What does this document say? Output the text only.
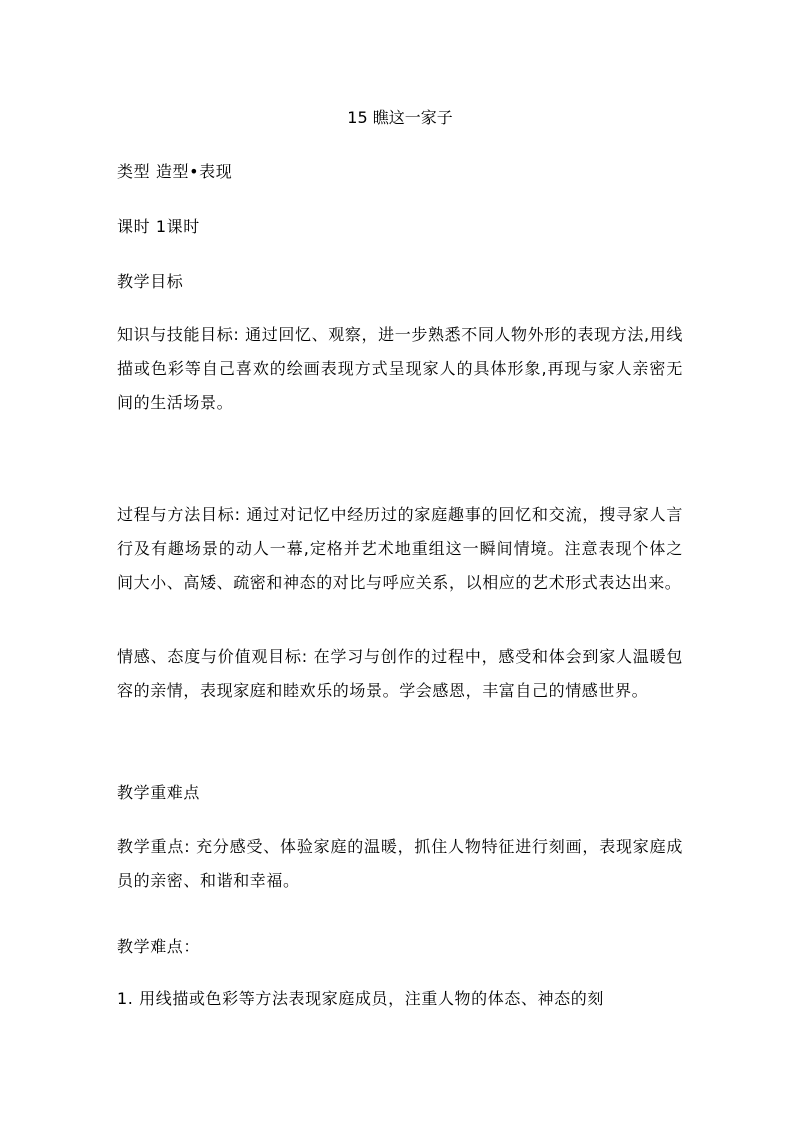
15 瞧这一家子

类型 造型•表现

课时 1课时

教学目标

知识与技能目标: 通过回忆、观察，进一步熟悉不同人物外形的表现方法,用线描或色彩等自己喜欢的绘画表现方式呈现家人的具体形象,再现与家人亲密无间的生活场景。

过程与方法目标: 通过对记忆中经历过的家庭趣事的回忆和交流，搜寻家人言行及有趣场景的动人一幕,定格并艺术地重组这一瞬间情境。注意表现个体之间大小、高矮、疏密和神态的对比与呼应关系，以相应的艺术形式表达出来。

情感、态度与价值观目标: 在学习与创作的过程中，感受和体会到家人温暖包容的亲情，表现家庭和睦欢乐的场景。学会感恩，丰富自己的情感世界。

教学重难点

教学重点: 充分感受、体验家庭的温暖，抓住人物特征进行刻画，表现家庭成员的亲密、和谐和幸福。

教学难点：

1. 用线描或色彩等方法表现家庭成员，注重人物的体态、神态的刻
